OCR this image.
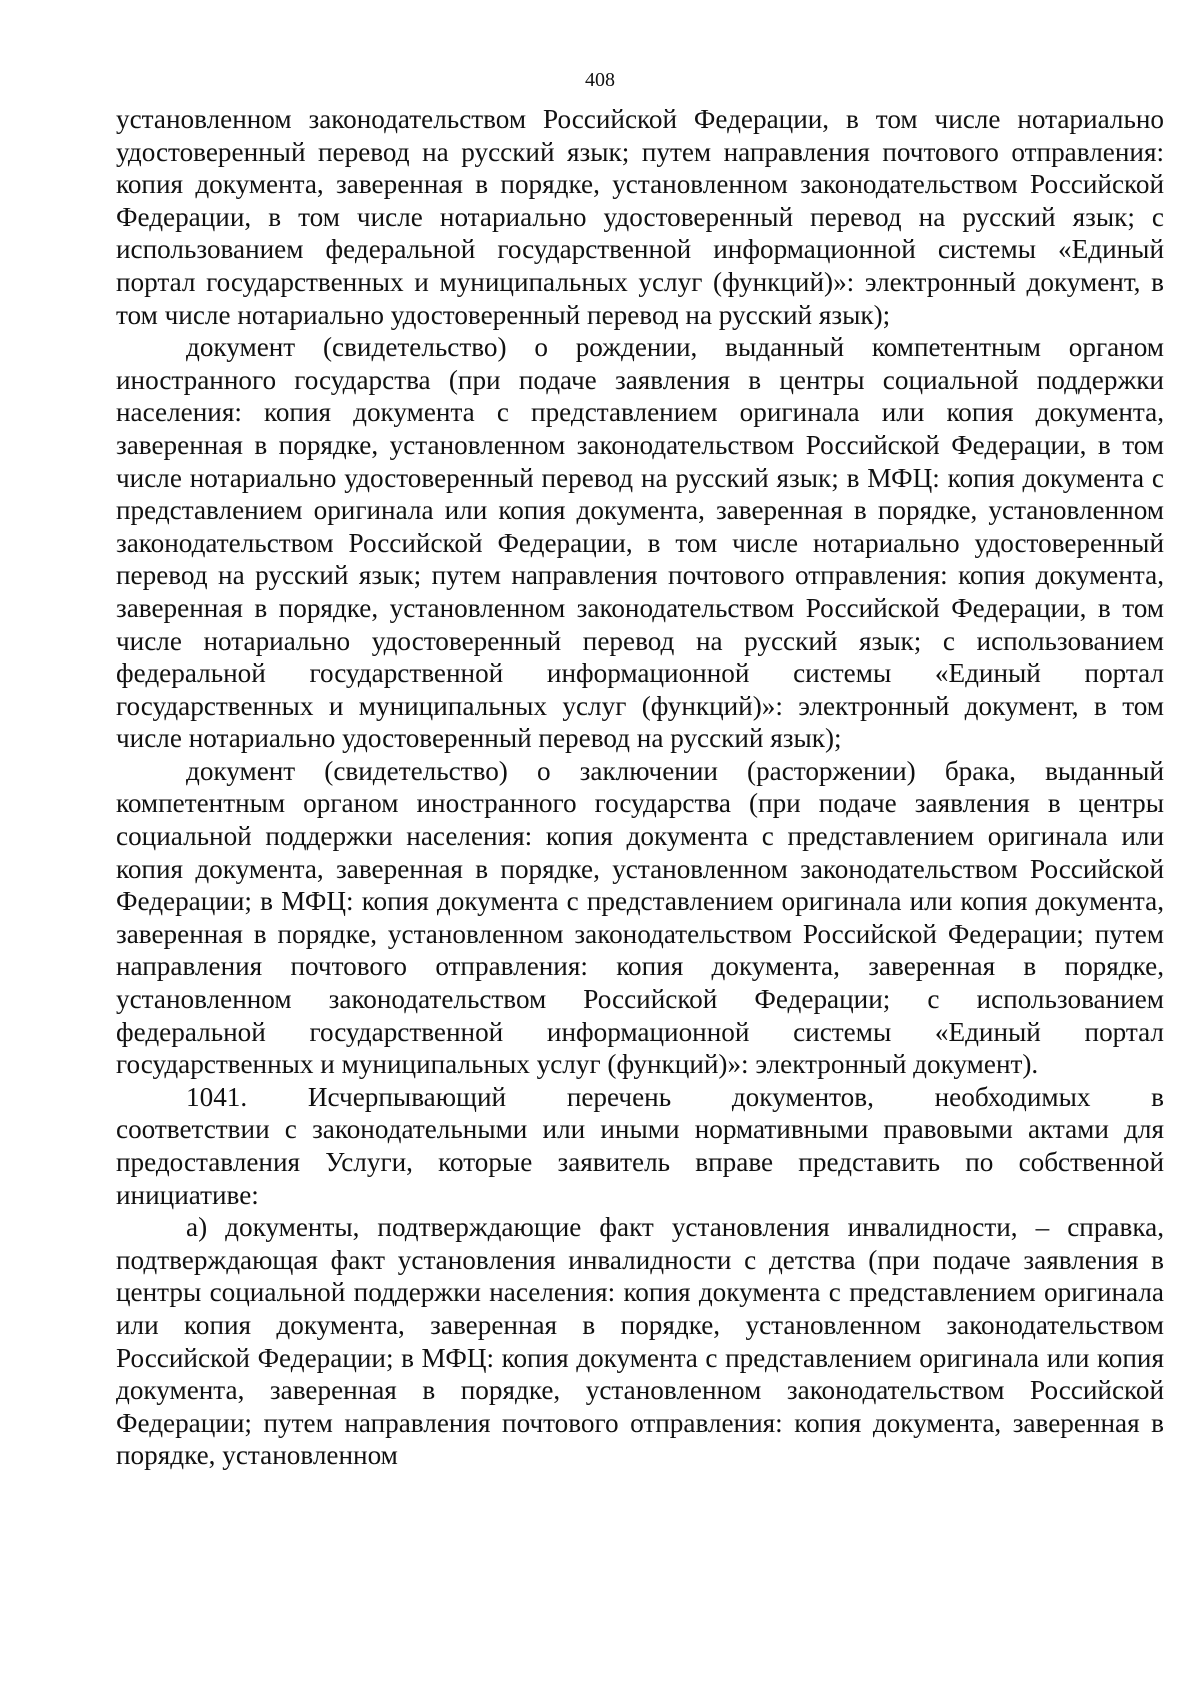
408

установленном законодательством Российской Федерации, в том числе нотариально удостоверенный перевод на русский язык; путем направления почтового отправления: копия документа, заверенная в порядке, установленном законодательством Российской Федерации, в том числе нотариально удостоверенный перевод на русский язык; с использованием федеральной государственной информационной системы «Единый портал государственных и муниципальных услуг (функций)»: электронный документ, в том числе нотариально удостоверенный перевод на русский язык);

документ (свидетельство) о рождении, выданный компетентным органом иностранного государства (при подаче заявления в центры социальной поддержки населения: копия документа с представлением оригинала или копия документа, заверенная в порядке, установленном законодательством Российской Федерации, в том числе нотариально удостоверенный перевод на русский язык; в МФЦ: копия документа с представлением оригинала или копия документа, заверенная в порядке, установленном законодательством Российской Федерации, в том числе нотариально удостоверенный перевод на русский язык; путем направления почтового отправления: копия документа, заверенная в порядке, установленном законодательством Российской Федерации, в том числе нотариально удостоверенный перевод на русский язык; с использованием федеральной государственной информационной системы «Единый портал государственных и муниципальных услуг (функций)»: электронный документ, в том числе нотариально удостоверенный перевод на русский язык);

документ (свидетельство) о заключении (расторжении) брака, выданный компетентным органом иностранного государства (при подаче заявления в центры социальной поддержки населения: копия документа с представлением оригинала или копия документа, заверенная в порядке, установленном законодательством Российской Федерации; в МФЦ: копия документа с представлением оригинала или копия документа, заверенная в порядке, установленном законодательством Российской Федерации; путем направления почтового отправления: копия документа, заверенная в порядке, установленном законодательством Российской Федерации; с использованием федеральной государственной информационной системы «Единый портал государственных и муниципальных услуг (функций)»: электронный документ).

1041. Исчерпывающий перечень документов, необходимых в

соответствии с законодательными или иными нормативными правовыми актами для предоставления Услуги, которые заявитель вправе представить по собственной инициативе:

а) документы, подтверждающие факт установления инвалидности, – справка, подтверждающая факт установления инвалидности с детства (при подаче заявления в центры социальной поддержки населения: копия документа с представлением оригинала или копия документа, заверенная в порядке, установленном законодательством Российской Федерации; в МФЦ: копия документа с представлением оригинала или копия документа, заверенная в порядке, установленном законодательством Российской Федерации; путем направления почтового отправления: копия документа, заверенная в порядке, установленном
